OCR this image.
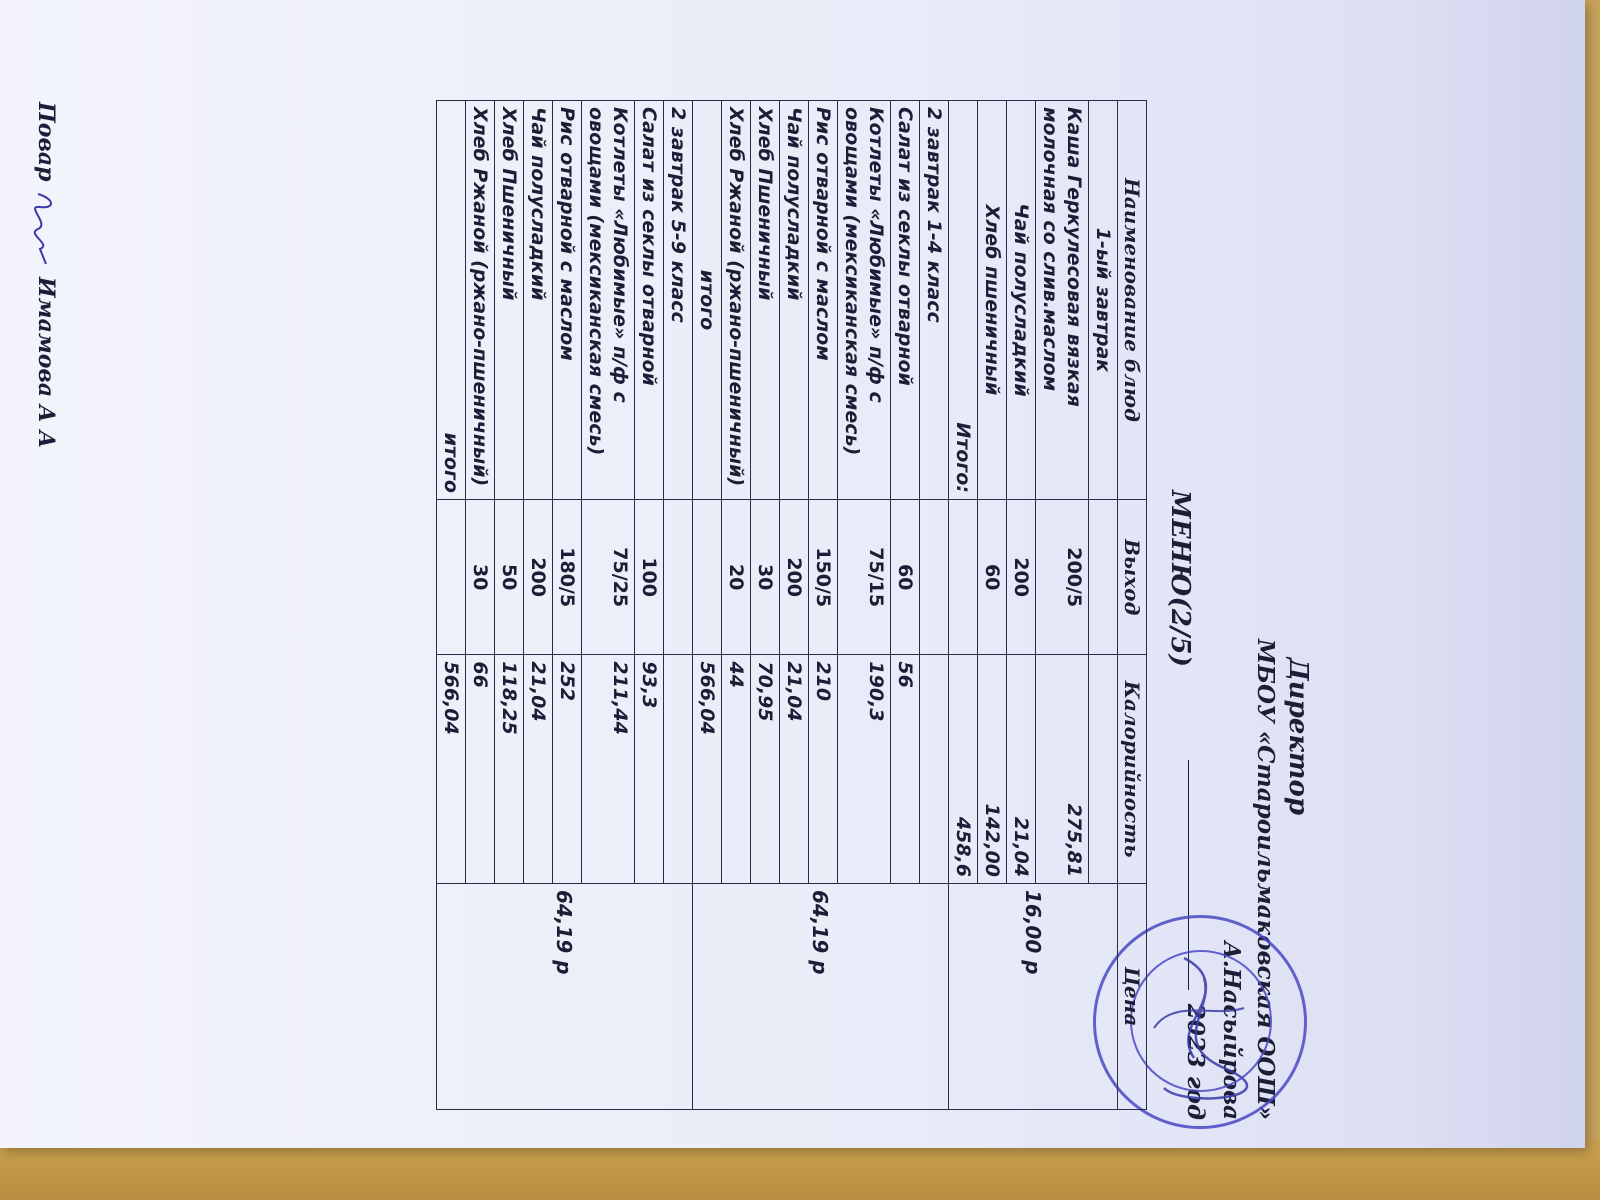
Директор
МБОУ «Староильмаковская ООШ»
А.Насыйрова
2023 год
МЕНЮ(2/5)
Наименование блюд	Выход	Калорийность	Цена
1-ый завтрак			16,00 р
Каша Геркулесовая вязкая молочная со слив.маслом	200/5	275,81	
Чай полусладкий	200	21,04	
Хлеб пшеничный	60	142,00	
Итого:		458,6	
2 завтрак 1-4 класс			64,19 р
Салат из секлы отварной	60	56	
Котлеты «Любимые» п/ф с овощами (мексиканская смесь)	75/15	190,3	
Рис отварной с маслом	150/5	210	
Чай полусладкий	200	21,04	
Хлеб Пшеничный	30	70,95	
Хлеб Ржаной (ржано-пшеничный)	20	44	
итого		566,04	
2 завтрак 5-9 класс			64,19 р
Салат из секлы отварной	100	93,3	
Котлеты «Любимые» п/ф с овощами (мексиканская смесь)	75/25	211,44	
Рис отварной с маслом	180/5	252	
Чай полусладкий	200	21,04	
Хлеб Пшеничный	50	118,25	
Хлеб Ржаной (ржано-пшеничный)	30	66	
итого		566,04	
Повар  Имамова А А
